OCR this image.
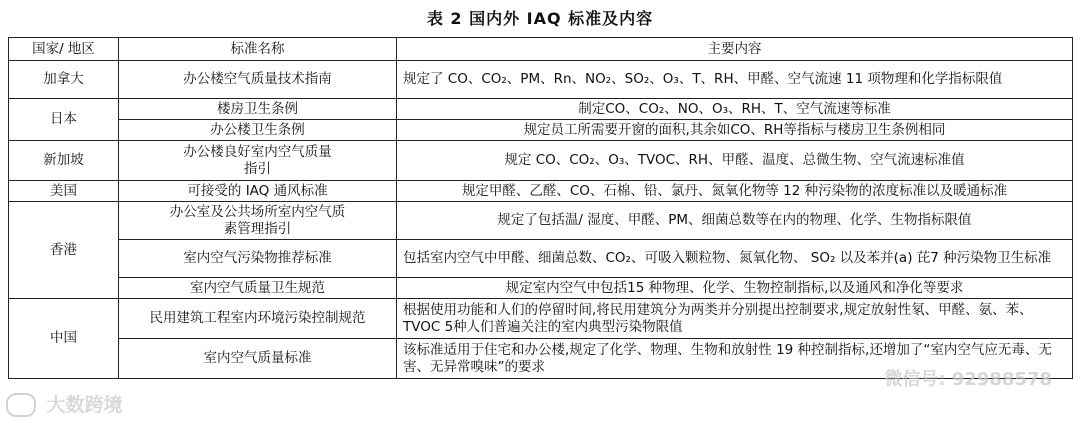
表 2 国内外 IAQ 标准及内容
国家/ 地区	标准名称	主要内容
加拿大	办公楼空气质量技术指南	规定了 CO、CO₂、PM、Rn、NO₂、SO₂、O₃、T、RH、甲醛、空气流速 11 项物理和化学指标限值
日本	楼房卫生条例	制定CO、CO₂、NO、O₃、RH、T、空气流速等标准
	办公楼卫生条例	规定员工所需要开窗的面积,其余如CO、RH等指标与楼房卫生条例相同
新加坡	办公楼良好室内空气质量指引	规定 CO、CO₂、O₃、TVOC、RH、甲醛、温度、总微生物、空气流速标准值
美国	可接受的 IAQ 通风标准	规定甲醛、乙醛、CO、石棉、铅、氯丹、氮氧化物等 12 种污染物的浓度标准以及暖通标准
香港	办公室及公共场所室内空气质素管理指引	规定了包括温/ 湿度、甲醛、PM、细菌总数等在内的物理、化学、生物指标限值
	室内空气污染物推荐标准	包括室内空气中甲醛、细菌总数、CO₂、可吸入颗粒物、氮氧化物、 SO₂ 以及苯并(a) 芘7 种污染物卫生标准
	室内空气质量卫生规范	规定室内空气中包括15 种物理、化学、生物控制指标,以及通风和净化等要求
中国	民用建筑工程室内环境污染控制规范	根据使用功能和人们的停留时间,将民用建筑分为两类并分别提出控制要求,规定放射性氡、甲醛、氨、苯、TVOC 5种人们普遍关注的室内典型污染物限值
	室内空气质量标准	该标准适用于住宅和办公楼,规定了化学、物理、生物和放射性 19 种控制指标,还增加了“室内空气应无毒、无害、无异常嗅味”的要求
大数跨境
微信号: 92988578
